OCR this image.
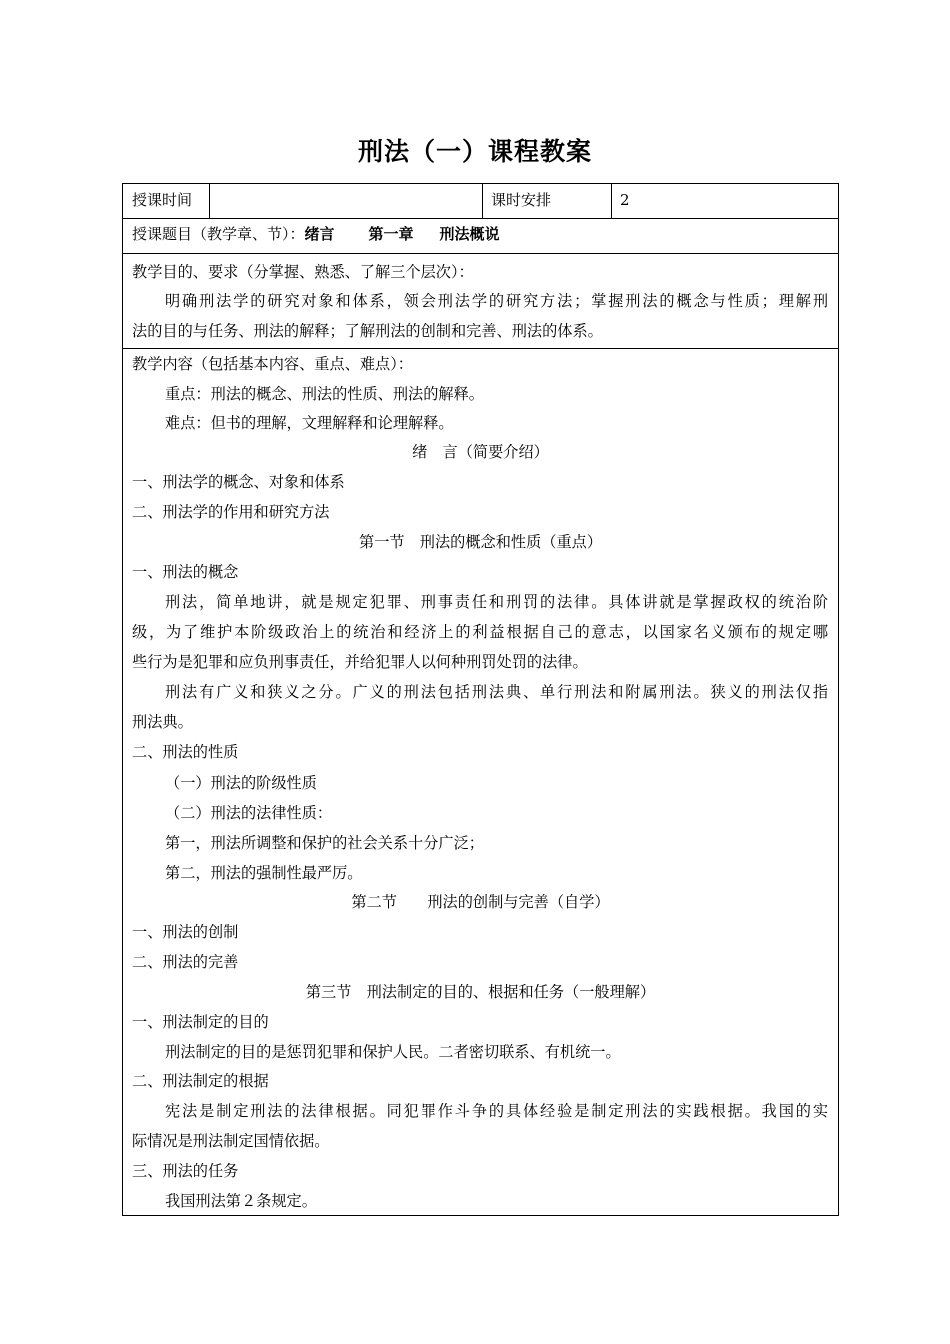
刑法（一）课程教案
授课时间	课时安排	2
授课题目（教学章、节）：绪言 第一章 刑法概说
教学目的、要求（分掌握、熟悉、了解三个层次）：
明确刑法学的研究对象和体系，领会刑法学的研究方法；掌握刑法的概念与性质；理解刑
法的目的与任务、刑法的解释；了解刑法的创制和完善、刑法的体系。
教学内容（包括基本内容、重点、难点）：
重点：刑法的概念、刑法的性质、刑法的解释。
难点：但书的理解，文理解释和论理解释。
绪　言（简要介绍）
一、刑法学的概念、对象和体系
二、刑法学的作用和研究方法
第一节　刑法的概念和性质（重点）
一、刑法的概念
刑法，简单地讲，就是规定犯罪、刑事责任和刑罚的法律。具体讲就是掌握政权的统治阶
级，为了维护本阶级政治上的统治和经济上的利益根据自己的意志，以国家名义颁布的规定哪
些行为是犯罪和应负刑事责任，并给犯罪人以何种刑罚处罚的法律。
刑法有广义和狭义之分。广义的刑法包括刑法典、单行刑法和附属刑法。狭义的刑法仅指
刑法典。
二、刑法的性质
（一）刑法的阶级性质
（二）刑法的法律性质：
第一，刑法所调整和保护的社会关系十分广泛；
第二，刑法的强制性最严厉。
第二节　　刑法的创制与完善（自学）
一、刑法的创制
二、刑法的完善
第三节　刑法制定的目的、根据和任务（一般理解）
一、刑法制定的目的
刑法制定的目的是惩罚犯罪和保护人民。二者密切联系、有机统一。
二、刑法制定的根据
宪法是制定刑法的法律根据。同犯罪作斗争的具体经验是制定刑法的实践根据。我国的实
际情况是刑法制定国情依据。
三、刑法的任务
我国刑法第２条规定。
